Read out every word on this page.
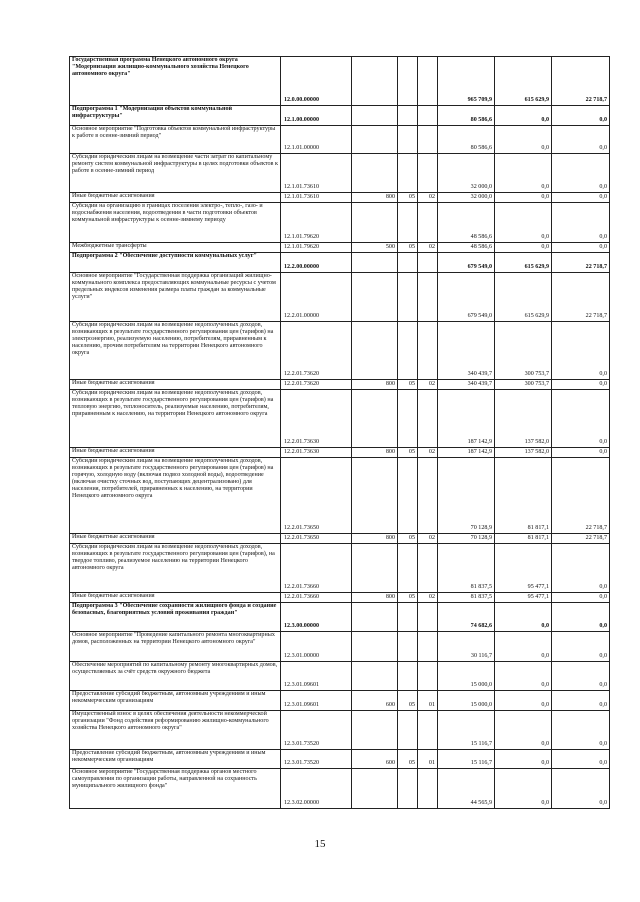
Государственная программа Ненецкого автономного округа "Модернизация жилищно-коммунального хозяйства Ненецкого автономного округа"	12.0.00.00000				965 709,9	615 629,9	22 718,7
Подпрограмма 1 "Модернизация объектов коммунальной инфраструктуры"	12.1.00.00000				80 586,6	0,0	0,0
Основное мероприятие "Подготовка объектов коммунальной инфраструктуры к работе в осенне-зимний период"	12.1.01.00000				80 586,6	0,0	0,0
Субсидии юридическим лицам на возмещение части затрат по капитальному ремонту систем коммунальной инфраструктуры в целях подготовки объектов к работе в осенне-зимний период	12.1.01.73610				32 000,0	0,0	0,0
Иные бюджетные ассигнования	12.1.01.73610	800	05	02	32 000,0	0,0	0,0
Субсидии на организацию в границах поселения электро-, тепло-, газо- и водоснабжения населения, водоотведения в части подготовки объектов коммунальной инфраструктуры к осенне-зимнему периоду	12.1.01.79620				48 586,6	0,0	0,0
Межбюджетные трансферты	12.1.01.79620	500	05	02	48 586,6	0,0	0,0
Подпрограмма 2 "Обеспечение доступности коммунальных услуг"	12.2.00.00000				679 549,0	615 629,9	22 718,7
Основное мероприятие "Государственная поддержка организаций жилищно-коммунального комплекса предоставляющих коммунальные ресурсы с учетом предельных индексов изменения размера платы граждан за коммунальные услуги"	12.2.01.00000				679 549,0	615 629,9	22 718,7
Субсидии юридическим лицам на возмещение недополученных доходов, возникающих в результате государственного регулирования цен (тарифов) на электроэнергию, реализуемую населению, потребителям, приравненным к населению, прочим потребителям на территории Ненецкого автономного округа	12.2.01.73620				340 439,7	300 753,7	0,0
Иные бюджетные ассигнования	12.2.01.73620	800	05	02	340 439,7	300 753,7	0,0
Субсидии юридическим лицам на возмещение недополученных доходов, возникающих в результате государственного регулирования цен (тарифов) на тепловую энергию, теплоноситель, реализуемые населению, потребителям, приравненным к населению, на территории Ненецкого автономного округа	12.2.01.73630				187 142,9	137 582,0	0,0
Иные бюджетные ассигнования	12.2.01.73630	800	05	02	187 142,9	137 582,0	0,0
Субсидии юридическим лицам на возмещение недополученных доходов, возникающих в результате государственного регулирования цен (тарифов) на горячую, холодную воду (включая подвоз холодной воды), водоотведение (включая очистку сточных вод, поступающих децентрализовано) для населения, потребителей, приравненных к населению, на территории Ненецкого автономного округа	12.2.01.73650				70 128,9	81 817,1	22 718,7
Иные бюджетные ассигнования	12.2.01.73650	800	05	02	70 128,9	81 817,1	22 718,7
Субсидии юридическим лицам на возмещение недополученных доходов, возникающих в результате государственного регулирования цен (тарифов), на твердое топливо, реализуемое населению на территории Ненецкого автономного округа	12.2.01.73660				81 837,5	95 477,1	0,0
Иные бюджетные ассигнования	12.2.01.73660	800	05	02	81 837,5	95 477,1	0,0
Подпрограмма 3 "Обеспечение сохранности жилищного фонда и создание безопасных, благоприятных условий проживания граждан"	12.3.00.00000				74 682,6	0,0	0,0
Основное мероприятие "Проведение капитального ремонта многоквартирных домов, расположенных на территории Ненецкого автономного округа"	12.3.01.00000				30 116,7	0,0	0,0
Обеспечение мероприятий по капитальному ремонту многоквартирных домов, осуществляемых за счёт средств окружного бюджета	12.3.01.09601				15 000,0	0,0	0,0
Предоставление субсидий бюджетным, автономным учреждениям и иным некоммерческим организациям	12.3.01.09601	600	05	01	15 000,0	0,0	0,0
Имущественный взнос в целях обеспечения деятельности некоммерческой организации "Фонд содействия реформированию жилищно-коммунального хозяйства Ненецкого автономного округа"	12.3.01.73520				15 116,7	0,0	0,0
Предоставление субсидий бюджетным, автономным учреждениям и иным некоммерческим организациям	12.3.01.73520	600	05	01	15 116,7	0,0	0,0
Основное мероприятие "Государственная поддержка органов местного самоуправления по организации работы, направленной на сохранность муниципального жилищного фонда"	12.3.02.00000				44 565,9	0,0	0,0
15
